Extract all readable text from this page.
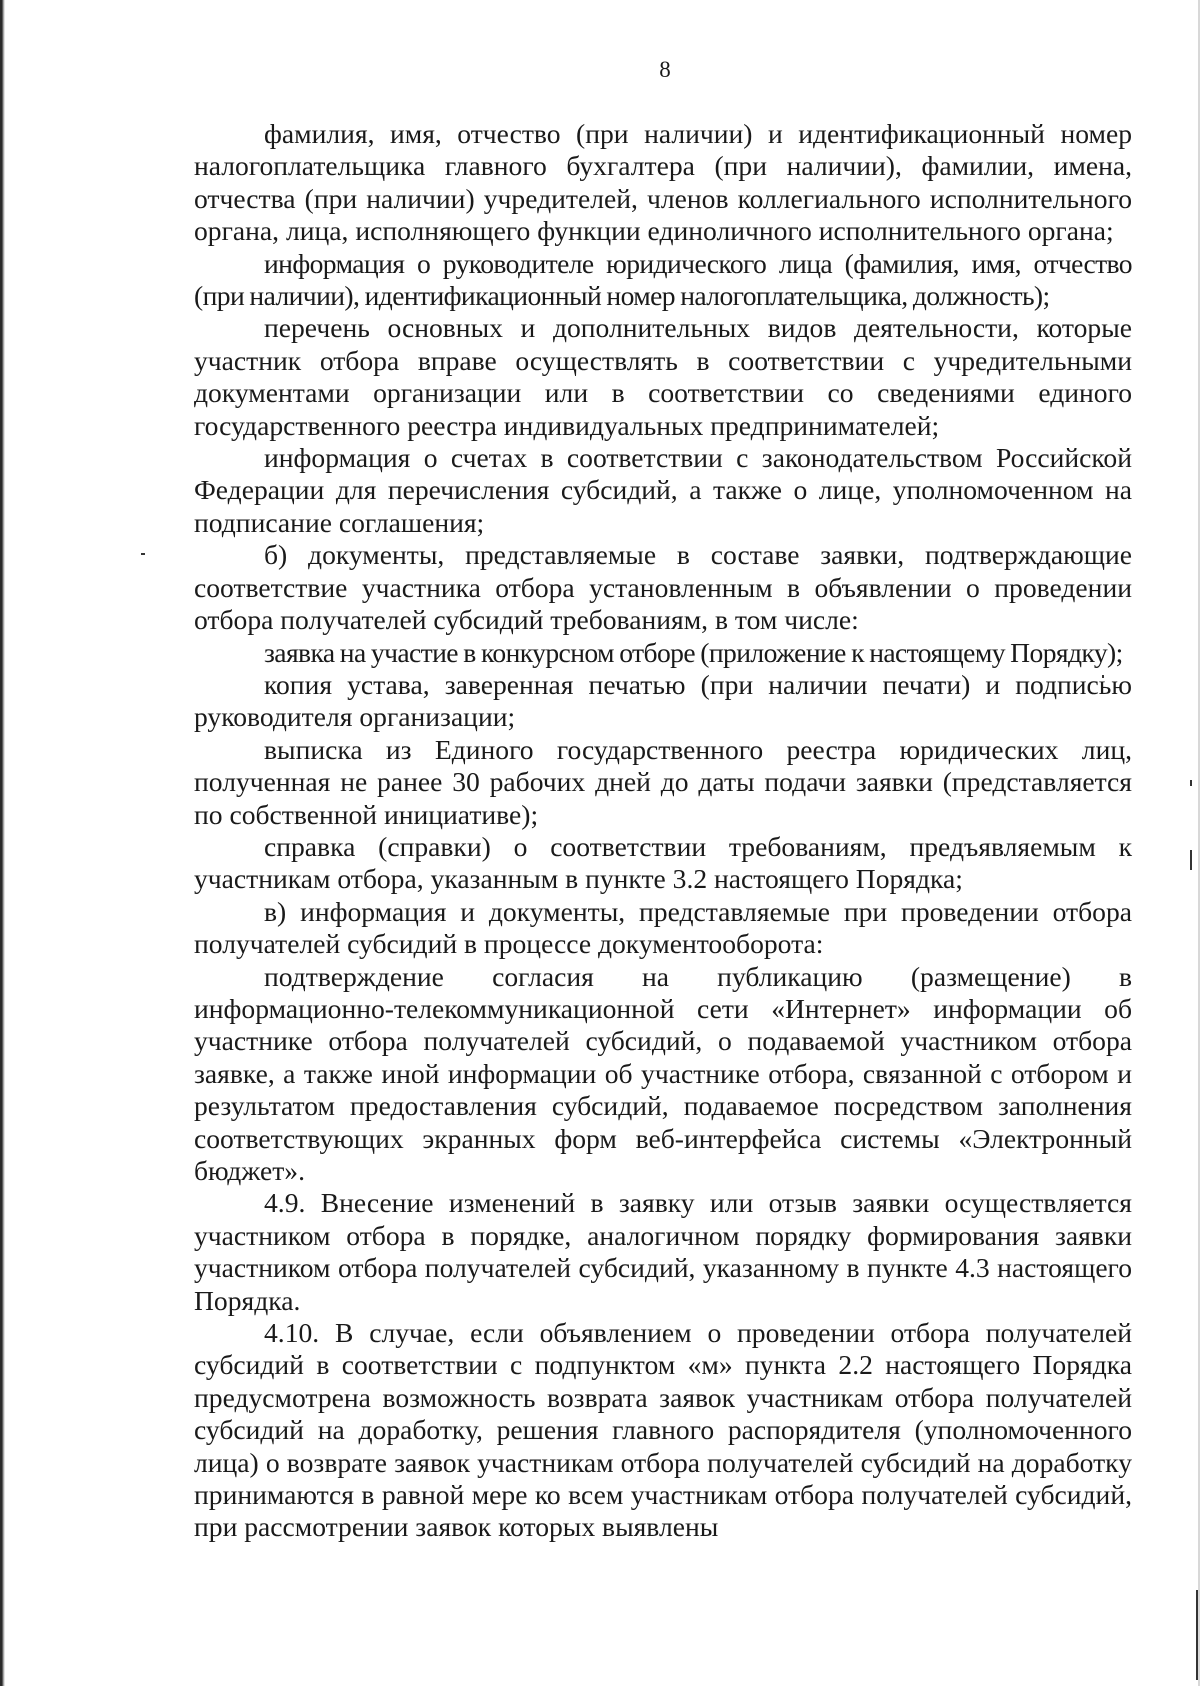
8

фамилия, имя, отчество (при наличии) и идентификационный номер налогоплательщика главного бухгалтера (при наличии), фамилии, имена, отчества (при наличии) учредителей, членов коллегиального исполнительного органа, лица, исполняющего функции единоличного исполнительного органа;

информация о руководителе юридического лица (фамилия, имя, отчество (при наличии), идентификационный номер налогоплательщика, должность);

перечень основных и дополнительных видов деятельности, которые участник отбора вправе осуществлять в соответствии с учредительными документами организации или в соответствии со сведениями единого государственного реестра индивидуальных предпринимателей;

информация о счетах в соответствии с законодательством Российской Федерации для перечисления субсидий, а также о лице, уполномоченном на подписание соглашения;

б) документы, представляемые в составе заявки, подтверждающие соответствие участника отбора установленным в объявлении о проведении отбора получателей субсидий требованиям, в том числе:

заявка на участие в конкурсном отборе (приложение к настоящему Порядку);

копия устава, заверенная печатью (при наличии печати) и подписью руководителя организации;

выписка из Единого государственного реестра юридических лиц, полученная не ранее 30 рабочих дней до даты подачи заявки (представляется по собственной инициативе);

справка (справки) о соответствии требованиям, предъявляемым к участникам отбора, указанным в пункте 3.2 настоящего Порядка;

в) информация и документы, представляемые при проведении отбора получателей субсидий в процессе документооборота:

подтверждение согласия на публикацию (размещение) в информационно-телекоммуникационной сети «Интернет» информации об участнике отбора получателей субсидий, о подаваемой участником отбора заявке, а также иной информации об участнике отбора, связанной с отбором и результатом предоставления субсидий, подаваемое посредством заполнения соответствующих экранных форм веб-интерфейса системы «Электронный бюджет».

4.9. Внесение изменений в заявку или отзыв заявки осуществляется участником отбора в порядке, аналогичном порядку формирования заявки участником отбора получателей субсидий, указанному в пункте 4.3 настоящего Порядка.

4.10. В случае, если объявлением о проведении отбора получателей субсидий в соответствии с подпунктом «м» пункта 2.2 настоящего Порядка предусмотрена возможность возврата заявок участникам отбора получателей субсидий на доработку, решения главного распорядителя (уполномоченного лица) о возврате заявок участникам отбора получателей субсидий на доработку принимаются в равной мере ко всем участникам отбора получателей субсидий, при рассмотрении заявок которых выявлены
